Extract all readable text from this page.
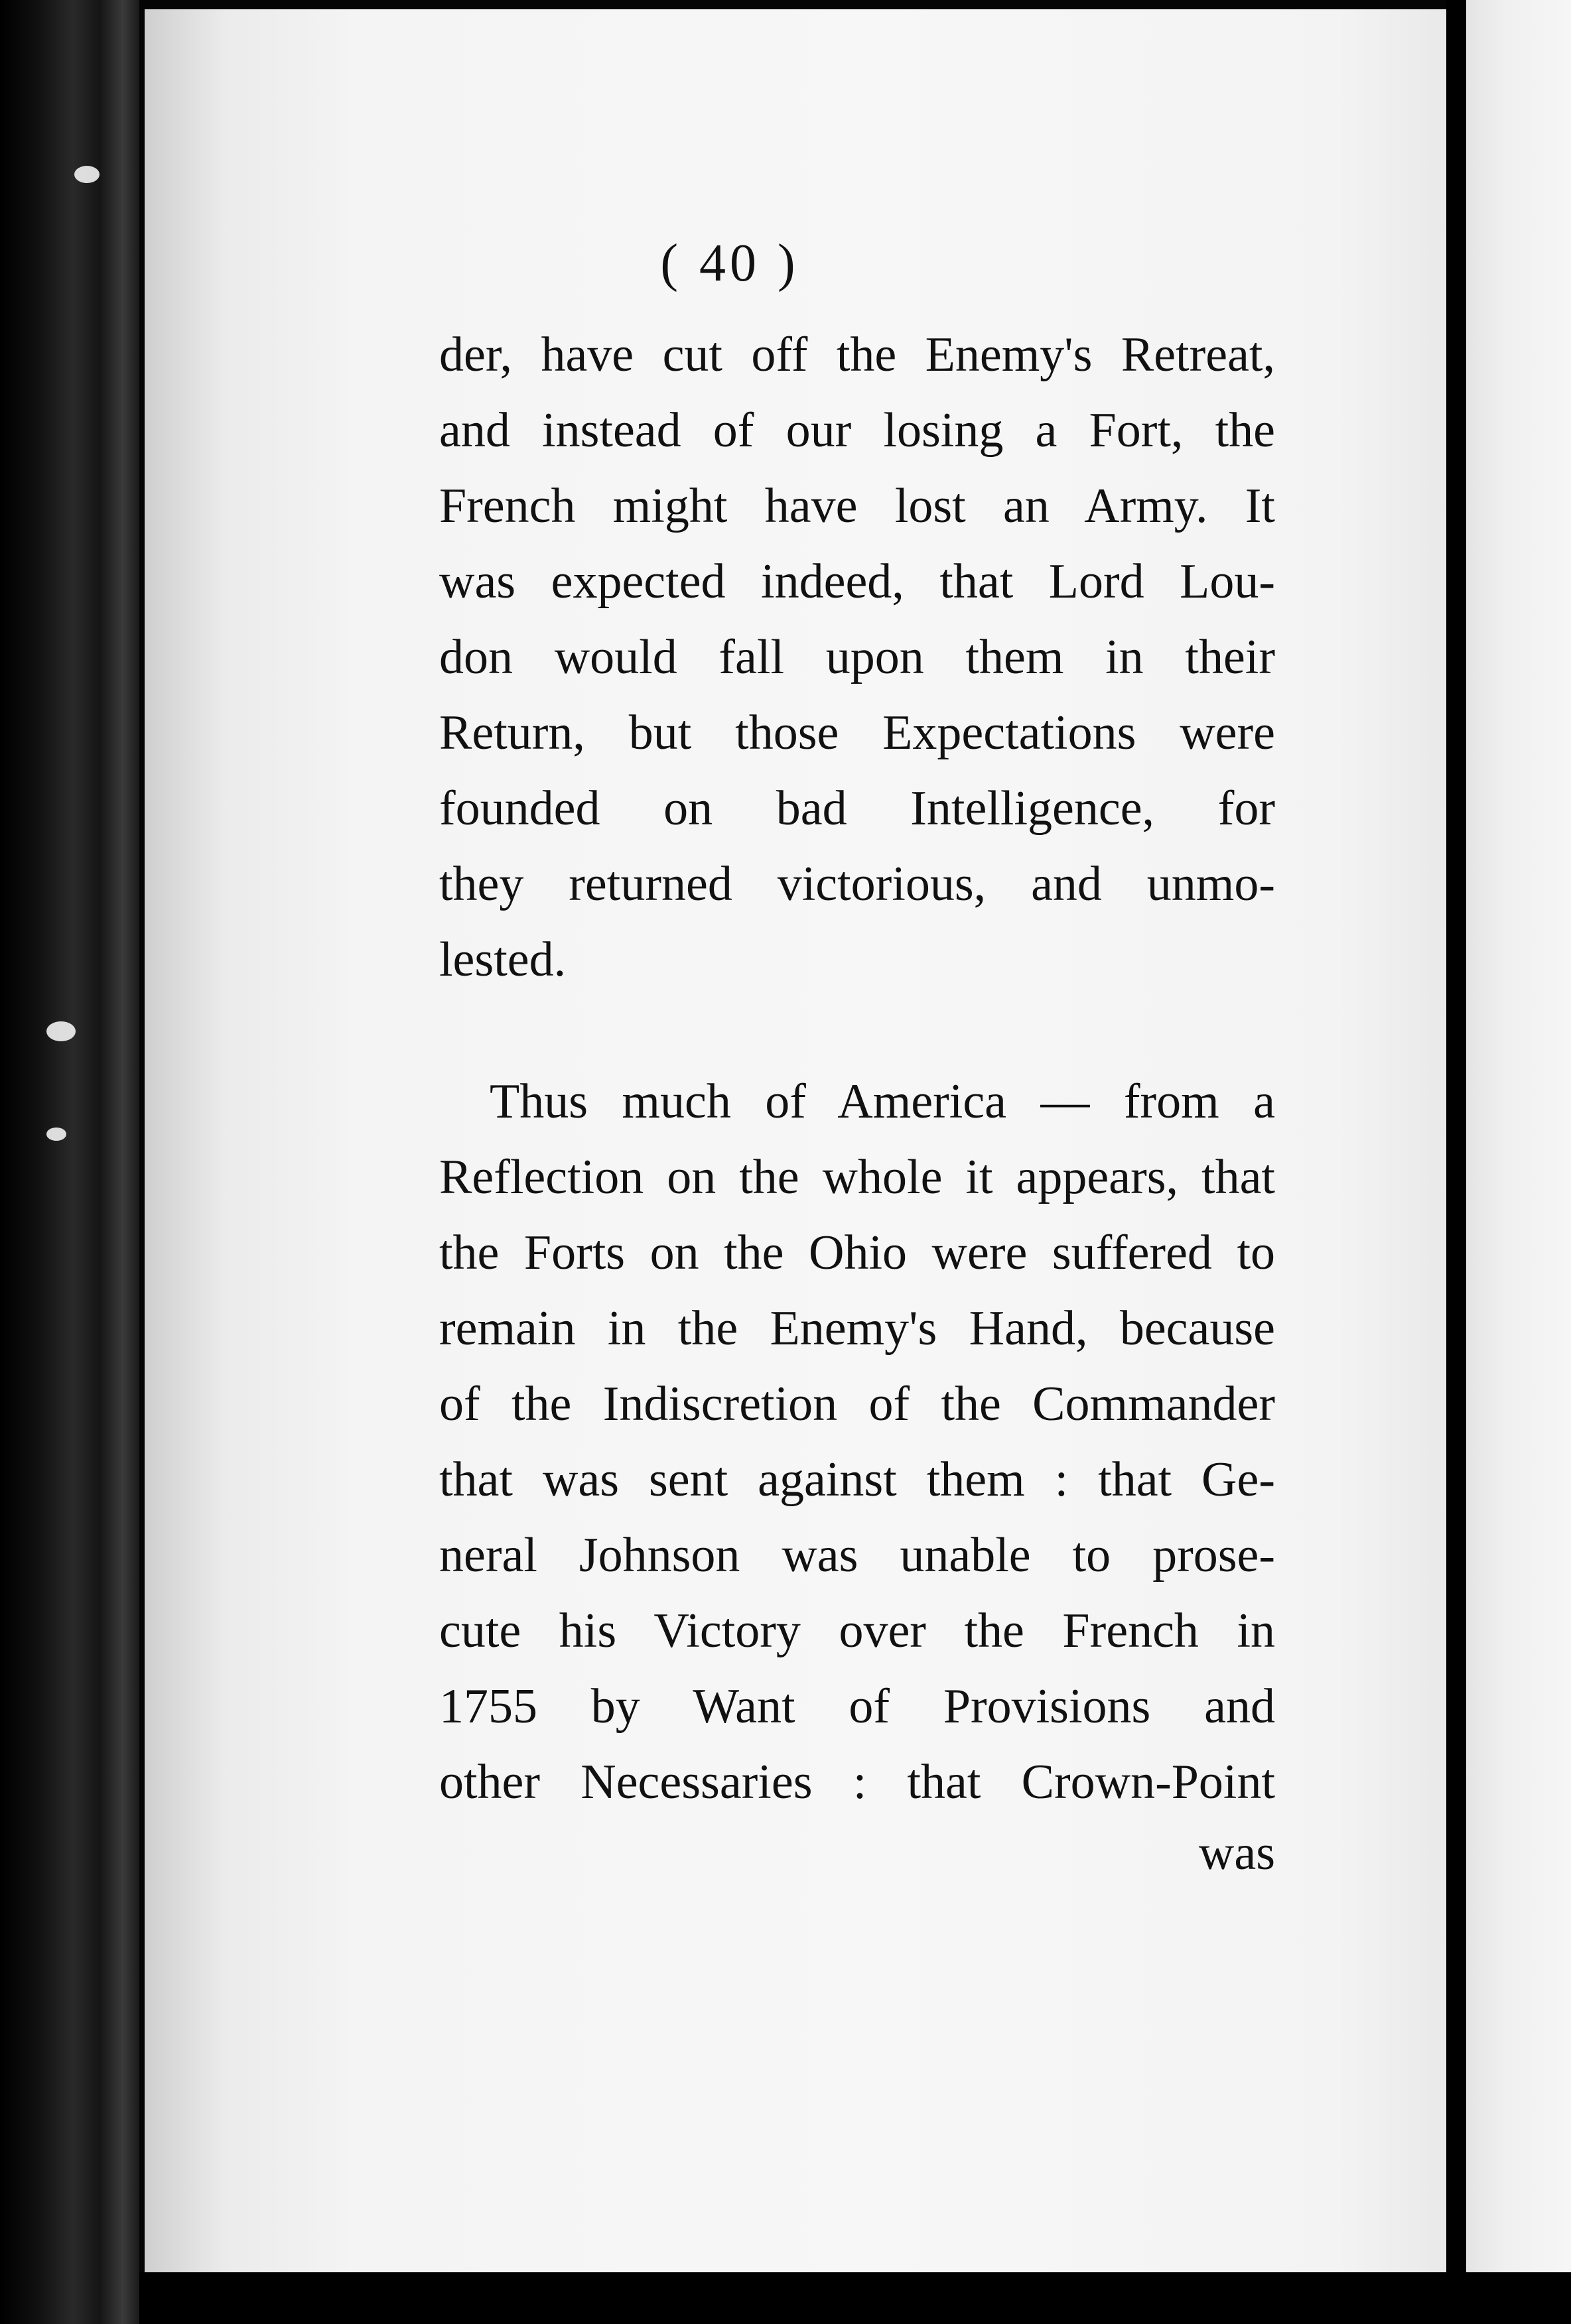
( 40 )
der, have cut off the Enemy's Retreat,
and instead of our losing a Fort, the
French might have lost an Army. It
was expected indeed, that Lord Lou-
don would fall upon them in their
Return, but those Expectations were
founded on bad Intelligence, for
they returned victorious, and unmo-
lested.
Thus much of America — from a
Reflection on the whole it appears, that
the Forts on the Ohio were suffered to
remain in the Enemy's Hand, because
of the Indiscretion of the Commander
that was sent against them : that Ge-
neral Johnson was unable to prose-
cute his Victory over the French in
1755 by Want of Provisions and
other Necessaries : that Crown-Point
was
